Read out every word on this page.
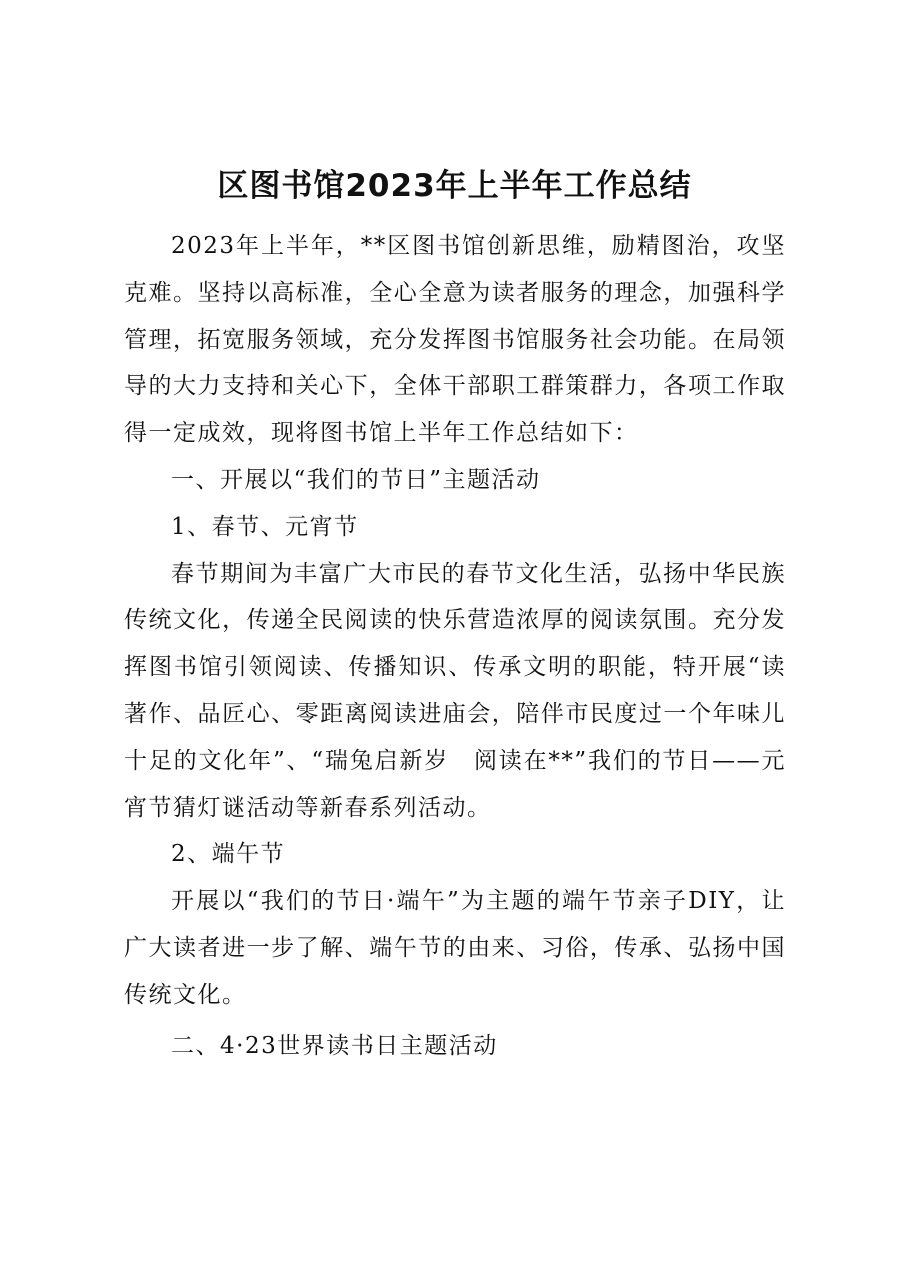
区图书馆2023年上半年工作总结

2023年上半年，**区图书馆创新思维，励精图治，攻坚克难。坚持以高标准，全心全意为读者服务的理念，加强科学管理，拓宽服务领域，充分发挥图书馆服务社会功能。在局领导的大力支持和关心下，全体干部职工群策群力，各项工作取得一定成效，现将图书馆上半年工作总结如下：

一、开展以“我们的节日”主题活动

1、春节、元宵节

春节期间为丰富广大市民的春节文化生活，弘扬中华民族传统文化，传递全民阅读的快乐营造浓厚的阅读氛围。充分发挥图书馆引领阅读、传播知识、传承文明的职能，特开展“读著作、品匠心、零距离阅读进庙会，陪伴市民度过一个年味儿十足的文化年”、“瑞兔启新岁　阅读在**”我们的节日——元宵节猜灯谜活动等新春系列活动。

2、端午节

开展以“我们的节日·端午”为主题的端午节亲子DIY，让广大读者进一步了解、端午节的由来、习俗，传承、弘扬中国传统文化。

二、4·23世界读书日主题活动
